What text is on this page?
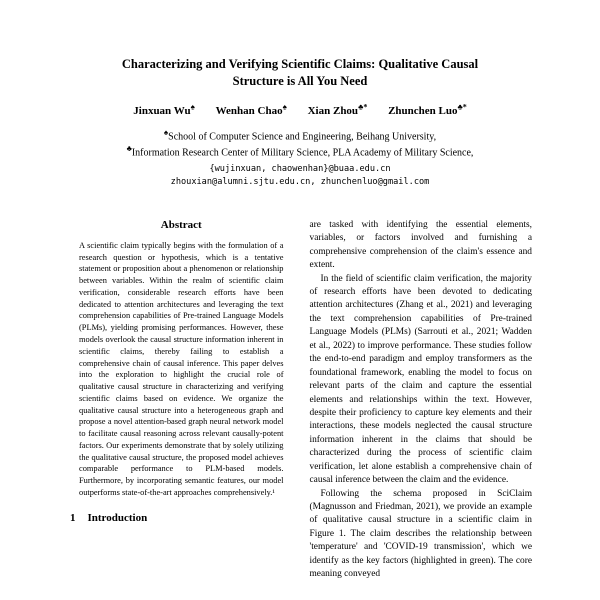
Characterizing and Verifying Scientific Claims: Qualitative Causal Structure is All You Need
Jinxuan Wu♠ Wenhan Chao♠ Xian Zhou♣* Zhunchen Luo♣*
♠School of Computer Science and Engineering, Beihang University,
♣Information Research Center of Military Science, PLA Academy of Military Science,
{wujinxuan, chaowenhan}@buaa.edu.cn
zhouxian@alumni.sjtu.edu.cn, zhunchenluo@gmail.com
Abstract
A scientific claim typically begins with the formulation of a research question or hypothesis, which is a tentative statement or proposition about a phenomenon or relationship between variables. Within the realm of scientific claim verification, considerable research efforts have been dedicated to attention architectures and leveraging the text comprehension capabilities of Pre-trained Language Models (PLMs), yielding promising performances. However, these models overlook the causal structure information inherent in scientific claims, thereby failing to establish a comprehensive chain of causal inference. This paper delves into the exploration to highlight the crucial role of qualitative causal structure in characterizing and verifying scientific claims based on evidence. We organize the qualitative causal structure into a heterogeneous graph and propose a novel attention-based graph neural network model to facilitate causal reasoning across relevant causally-potent factors. Our experiments demonstrate that by solely utilizing the qualitative causal structure, the proposed model achieves comparable performance to PLM-based models. Furthermore, by incorporating semantic features, our model outperforms state-of-the-art approaches comprehensively.¹
1 Introduction

are tasked with identifying the essential elements, variables, or factors involved and furnishing a comprehensive comprehension of the claim's essence and extent.

In the field of scientific claim verification, the majority of research efforts have been devoted to dedicating attention architectures (Zhang et al., 2021) and leveraging the text comprehension capabilities of Pre-trained Language Models (PLMs) (Sarrouti et al., 2021; Wadden et al., 2022) to improve performance. These studies follow the end-to-end paradigm and employ transformers as the foundational framework, enabling the model to focus on relevant parts of the claim and capture the essential elements and relationships within the text. However, despite their proficiency to capture key elements and their interactions, these models neglected the causal structure information inherent in the claims that should be characterized during the process of scientific claim verification, let alone establish a comprehensive chain of causal inference between the claim and the evidence.

Following the schema proposed in SciClaim (Magnusson and Friedman, 2021), we provide an example of qualitative causal structure in a scientific claim in Figure 1. The claim describes the relationship between 'temperature' and 'COVID-19 transmission', which we identify as the key factors (highlighted in green). The core meaning conveyed
